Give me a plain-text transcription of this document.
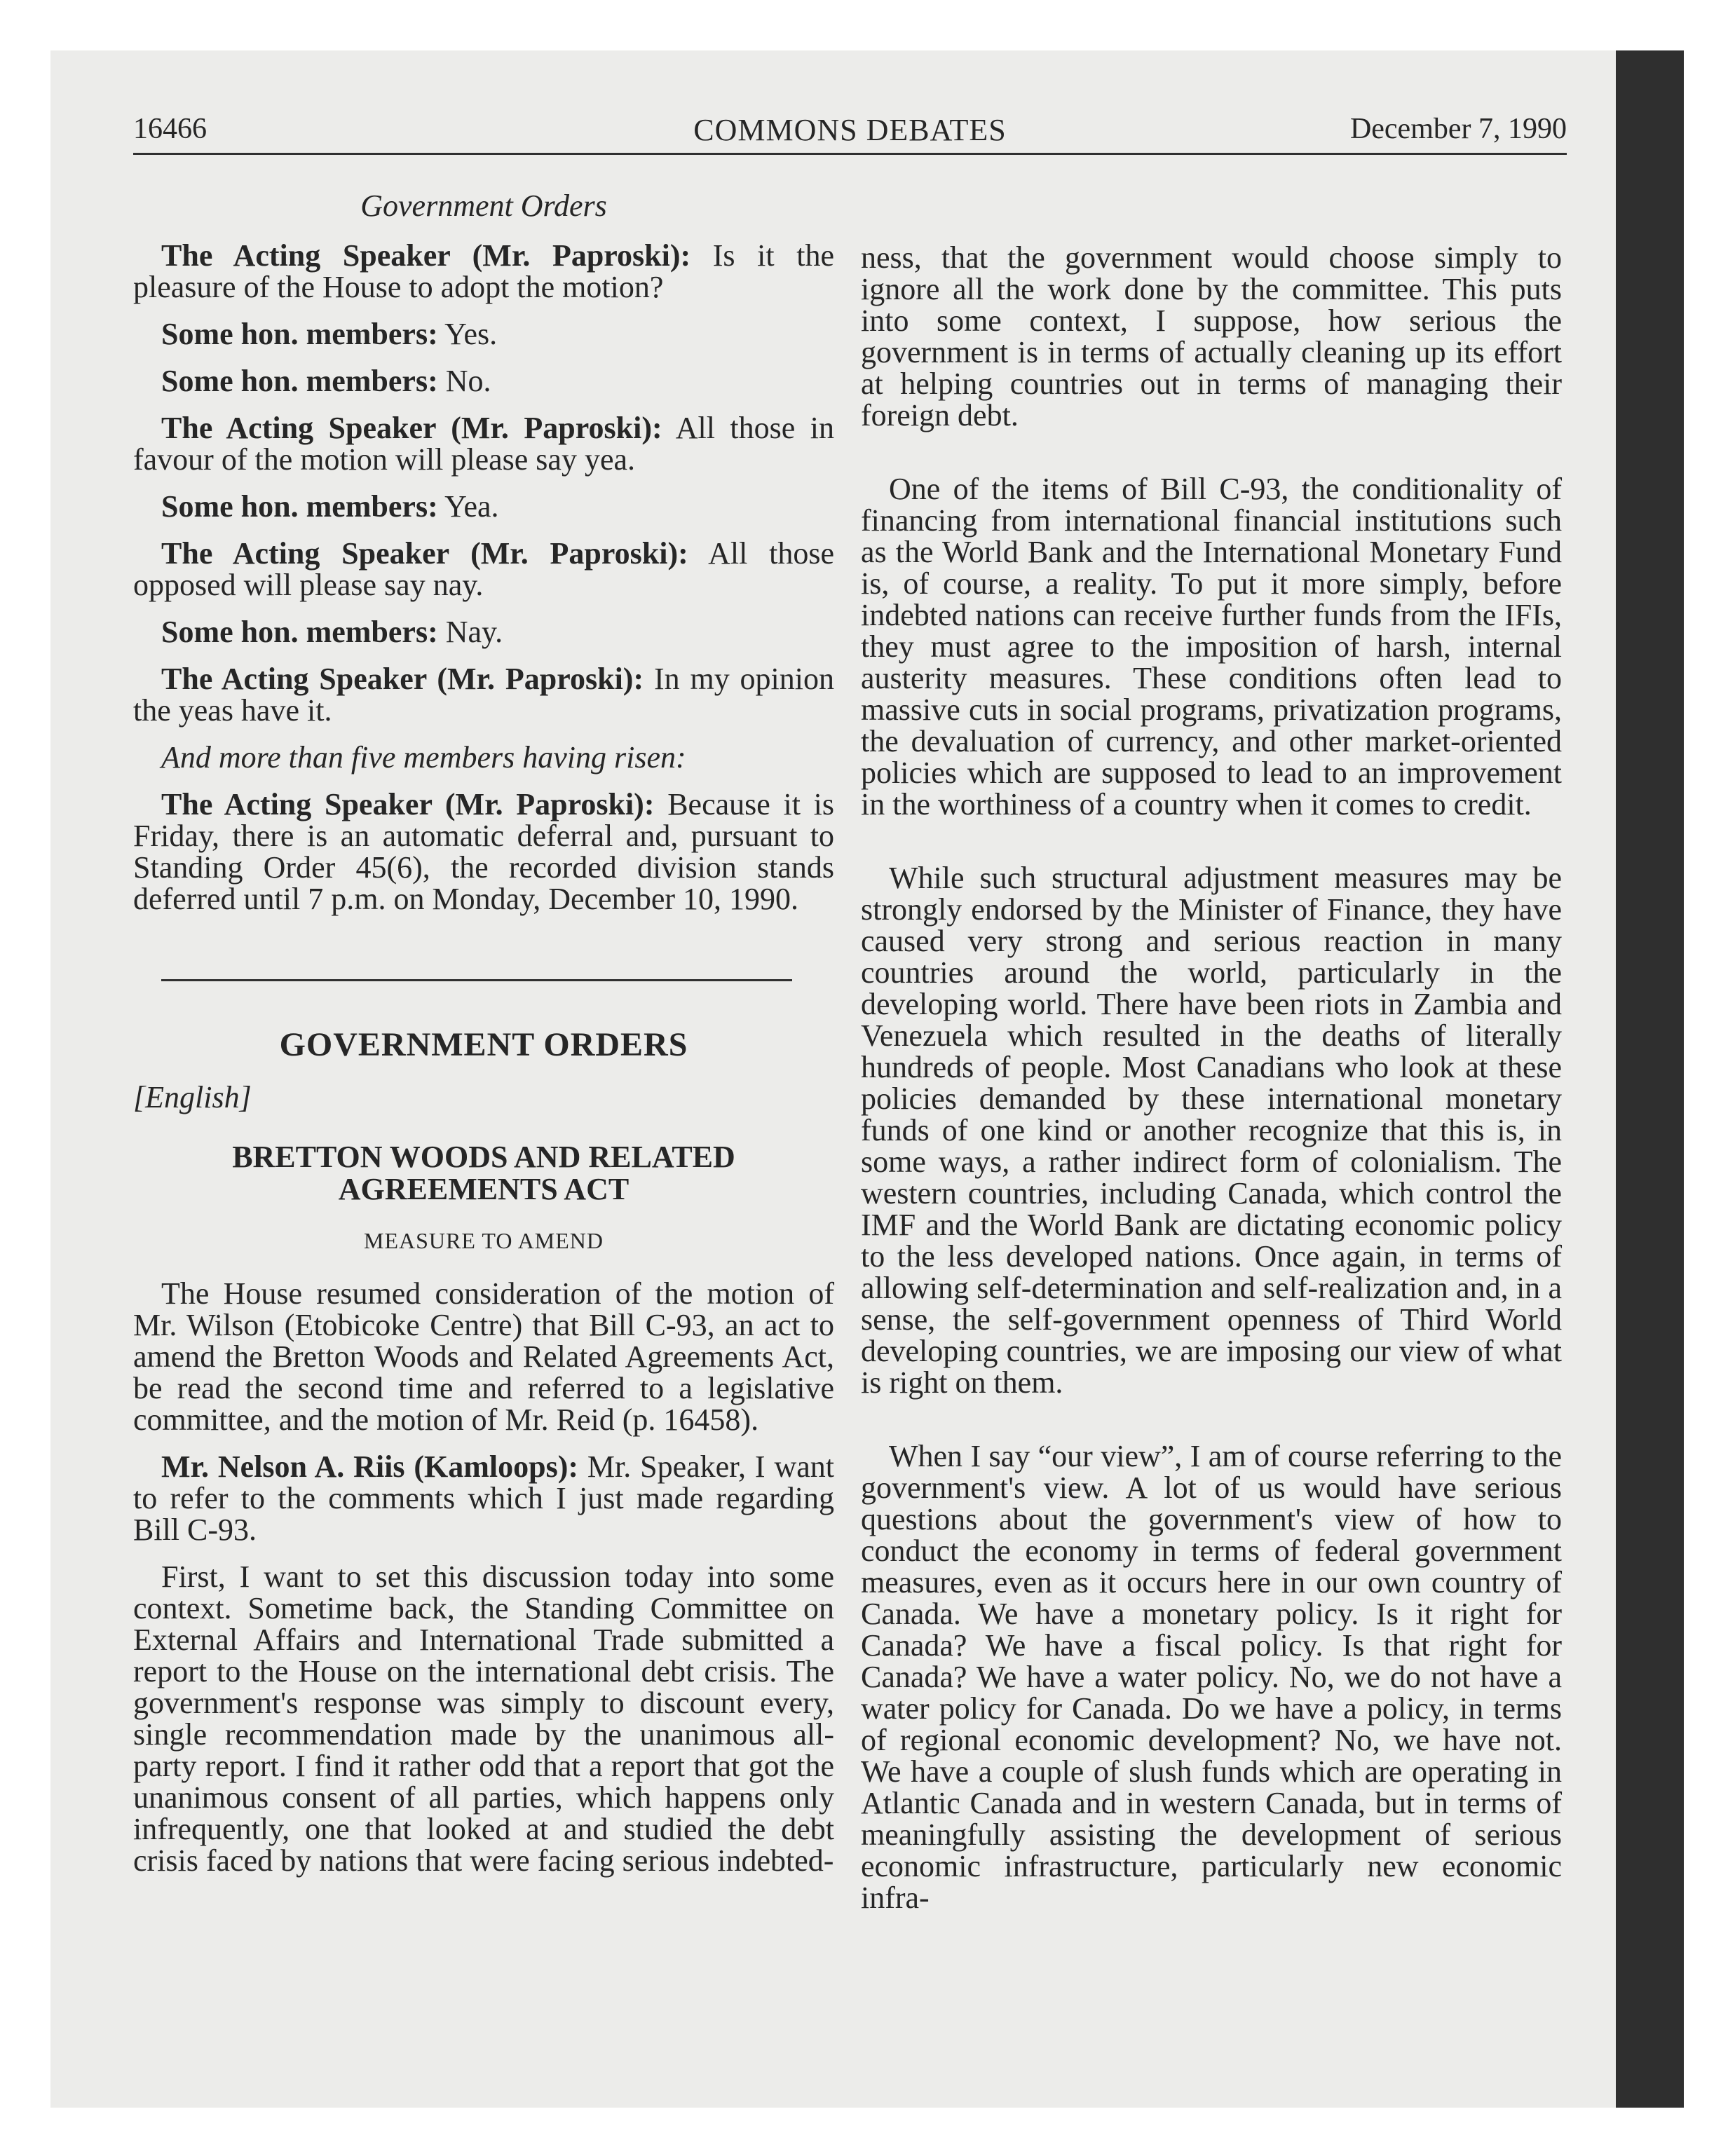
16466	COMMONS DEBATES	December 7, 1990
Government Orders

The Acting Speaker (Mr. Paproski): Is it the pleasure of the House to adopt the motion?

Some hon. members: Yes.

Some hon. members: No.

The Acting Speaker (Mr. Paproski): All those in favour of the motion will please say yea.

Some hon. members: Yea.

The Acting Speaker (Mr. Paproski): All those opposed will please say nay.

Some hon. members: Nay.

The Acting Speaker (Mr. Paproski): In my opinion the yeas have it.

And more than five members having risen:

The Acting Speaker (Mr. Paproski): Because it is Friday, there is an automatic deferral and, pursuant to Standing Order 45(6), the recorded division stands deferred until 7 p.m. on Monday, December 10, 1990.

GOVERNMENT ORDERS
[English]
BRETTON WOODS AND RELATED AGREEMENTS ACT
MEASURE TO AMEND

The House resumed consideration of the motion of Mr. Wilson (Etobicoke Centre) that Bill C-93, an act to amend the Bretton Woods and Related Agreements Act, be read the second time and referred to a legislative committee, and the motion of Mr. Reid (p. 16458).

Mr. Nelson A. Riis (Kamloops): Mr. Speaker, I want to refer to the comments which I just made regarding Bill C-93.

First, I want to set this discussion today into some context. Sometime back, the Standing Committee on External Affairs and International Trade submitted a report to the House on the international debt crisis. The government's response was simply to discount every, single recommendation made by the unanimous all-party report. I find it rather odd that a report that got the unanimous consent of all parties, which happens only infrequently, one that looked at and studied the debt crisis faced by nations that were facing serious indebted-

ness, that the government would choose simply to ignore all the work done by the committee. This puts into some context, I suppose, how serious the government is in terms of actually cleaning up its effort at helping countries out in terms of managing their foreign debt.

One of the items of Bill C-93, the conditionality of financing from international financial institutions such as the World Bank and the International Monetary Fund is, of course, a reality. To put it more simply, before indebted nations can receive further funds from the IFIs, they must agree to the imposition of harsh, internal austerity measures. These conditions often lead to massive cuts in social programs, privatization programs, the devaluation of currency, and other market-oriented policies which are supposed to lead to an improvement in the worthiness of a country when it comes to credit.

While such structural adjustment measures may be strongly endorsed by the Minister of Finance, they have caused very strong and serious reaction in many countries around the world, particularly in the developing world. There have been riots in Zambia and Venezuela which resulted in the deaths of literally hundreds of people. Most Canadians who look at these policies demanded by these international monetary funds of one kind or another recognize that this is, in some ways, a rather indirect form of colonialism. The western countries, including Canada, which control the IMF and the World Bank are dictating economic policy to the less developed nations. Once again, in terms of allowing self-determination and self-realization and, in a sense, the self-government openness of Third World developing countries, we are imposing our view of what is right on them.

When I say “our view”, I am of course referring to the government's view. A lot of us would have serious questions about the government's view of how to conduct the economy in terms of federal government measures, even as it occurs here in our own country of Canada. We have a monetary policy. Is it right for Canada? We have a fiscal policy. Is that right for Canada? We have a water policy. No, we do not have a water policy for Canada. Do we have a policy, in terms of regional economic development? No, we have not. We have a couple of slush funds which are operating in Atlantic Canada and in western Canada, but in terms of meaningfully assisting the development of serious economic infrastructure, particularly new economic infra-
